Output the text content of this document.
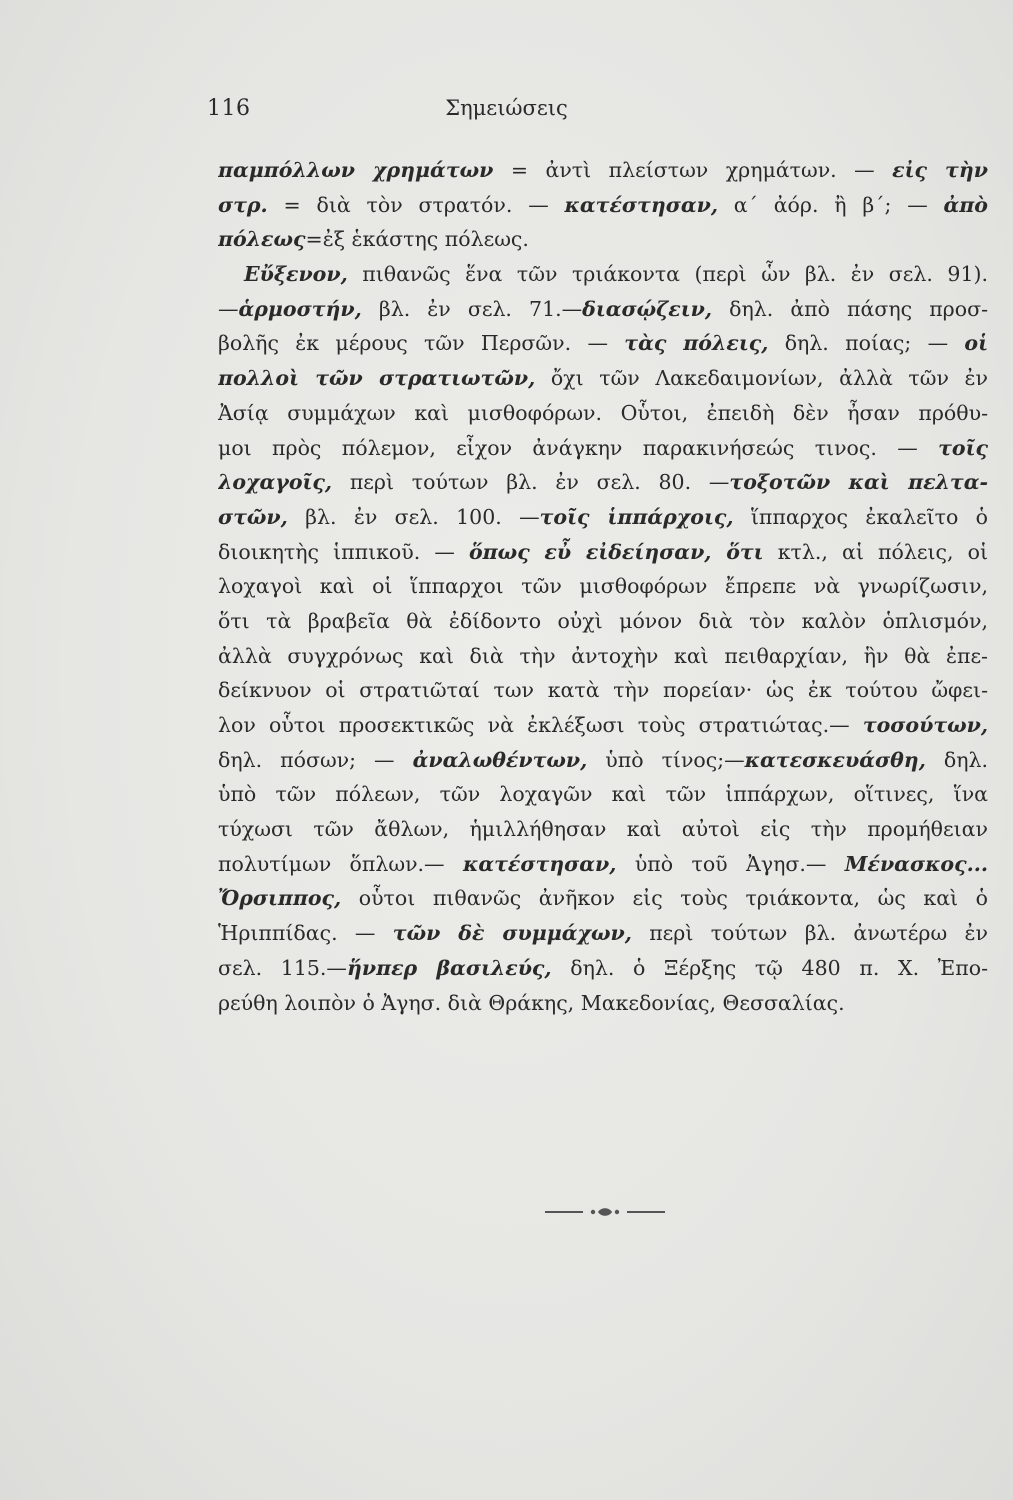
116	Σημειώσεις
παμπόλλων χρημάτων = ἀντὶ πλείστων χρημάτων. — εἰς τὴν
στρ. = διὰ τὸν στρατόν. — κατέστησαν, α΄ ἀόρ. ἢ β΄; — ἀπὸ
πόλεως=ἐξ ἑκάστης πόλεως.
Εὔξενον, πιθανῶς ἕνα τῶν τριάκοντα (περὶ ὧν βλ. ἐν σελ. 91).
—ἁρμοστήν, βλ. ἐν σελ. 71.—διασῴζειν, δηλ. ἀπὸ πάσης προσ-
βολῆς ἐκ μέρους τῶν Περσῶν. — τὰς πόλεις, δηλ. ποίας; — οἱ
πολλοὶ τῶν στρατιωτῶν, ὄχι τῶν Λακεδαιμονίων, ἀλλὰ τῶν ἐν
Ἀσίᾳ συμμάχων καὶ μισθοφόρων. Οὗτοι, ἐπειδὴ δὲν ἦσαν πρόθυ-
μοι πρὸς πόλεμον, εἶχον ἀνάγκην παρακινήσεώς τινος. — τοῖς
λοχαγοῖς, περὶ τούτων βλ. ἐν σελ. 80. —τοξοτῶν καὶ πελτα-
στῶν, βλ. ἐν σελ. 100. —τοῖς ἱππάρχοις, ἵππαρχος ἐκαλεῖτο ὁ
διοικητὴς ἱππικοῦ. — ὅπως εὖ εἰδείησαν, ὅτι κτλ., αἱ πόλεις, οἱ
λοχαγοὶ καὶ οἱ ἵππαρχοι τῶν μισθοφόρων ἔπρεπε νὰ γνωρίζωσιν,
ὅτι τὰ βραβεῖα θὰ ἐδίδοντο οὐχὶ μόνον διὰ τὸν καλὸν ὁπλισμόν,
ἀλλὰ συγχρόνως καὶ διὰ τὴν ἀντοχὴν καὶ πειθαρχίαν, ἣν θὰ ἐπε-
δείκνυον οἱ στρατιῶταί των κατὰ τὴν πορείαν· ὡς ἐκ τούτου ὤφει-
λον οὗτοι προσεκτικῶς νὰ ἐκλέξωσι τοὺς στρατιώτας.— τοσούτων,
δηλ. πόσων; — ἀναλωθέντων, ὑπὸ τίνος;—κατεσκευάσθη, δηλ.
ὑπὸ τῶν πόλεων, τῶν λοχαγῶν καὶ τῶν ἱππάρχων, οἵτινες, ἵνα
τύχωσι τῶν ἄθλων, ἡμιλλήθησαν καὶ αὐτοὶ εἰς τὴν προμήθειαν
πολυτίμων ὅπλων.— κατέστησαν, ὑπὸ τοῦ Ἀγησ.— Μένασκος...
Ὄρσιππος, οὗτοι πιθανῶς ἀνῆκον εἰς τοὺς τριάκοντα, ὡς καὶ ὁ
Ἡριππίδας. — τῶν δὲ συμμάχων, περὶ τούτων βλ. ἀνωτέρω ἐν
σελ. 115.—ἥνπερ βασιλεύς, δηλ. ὁ Ξέρξης τῷ 480 π. Χ. Ἐπο-
ρεύθη λοιπὸν ὁ Ἀγησ. διὰ Θράκης, Μακεδονίας, Θεσσαλίας.
